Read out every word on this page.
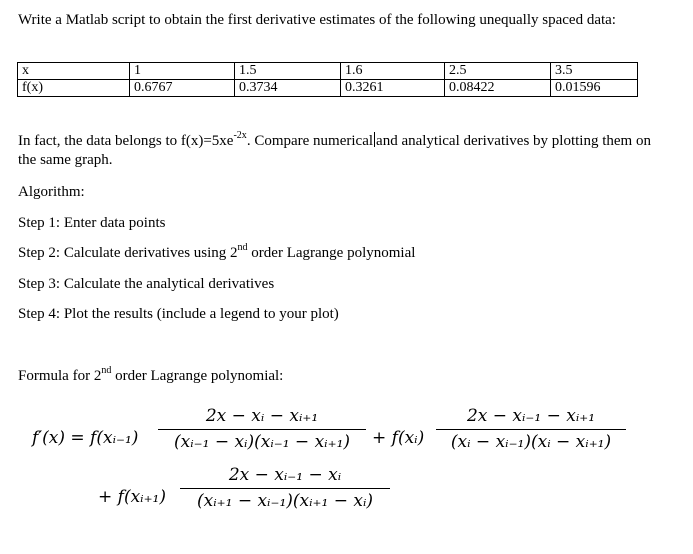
Write a Matlab script to obtain the first derivative estimates of the following unequally spaced data:

x	1	1.5	1.6	2.5	3.5
f(x)	0.6767	0.3734	0.3261	0.08422	0.01596

In fact, the data belongs to $f(x)=5xe^{-2x}$. Compare numerical and analytical derivatives by plotting them on the same graph.

Algorithm:

Step 1: Enter data points

Step 2: Calculate derivatives using 2nd order Lagrange polynomial

Step 3: Calculate the analytical derivatives

Step 4: Plot the results (include a legend to your plot)

Formula for 2nd order Lagrange polynomial:

f′(x) = f(xᵢ₋₁)
2x − xᵢ − xᵢ₊₁
(xᵢ₋₁ − xᵢ)(xᵢ₋₁ − xᵢ₊₁)	+ f(xᵢ)
2x − xᵢ₋₁ − xᵢ₊₁
(xᵢ − xᵢ₋₁)(xᵢ − xᵢ₊₁)
+ f(xᵢ₊₁)
2x − xᵢ₋₁ − xᵢ
(xᵢ₊₁ − xᵢ₋₁)(xᵢ₊₁ − xᵢ)
